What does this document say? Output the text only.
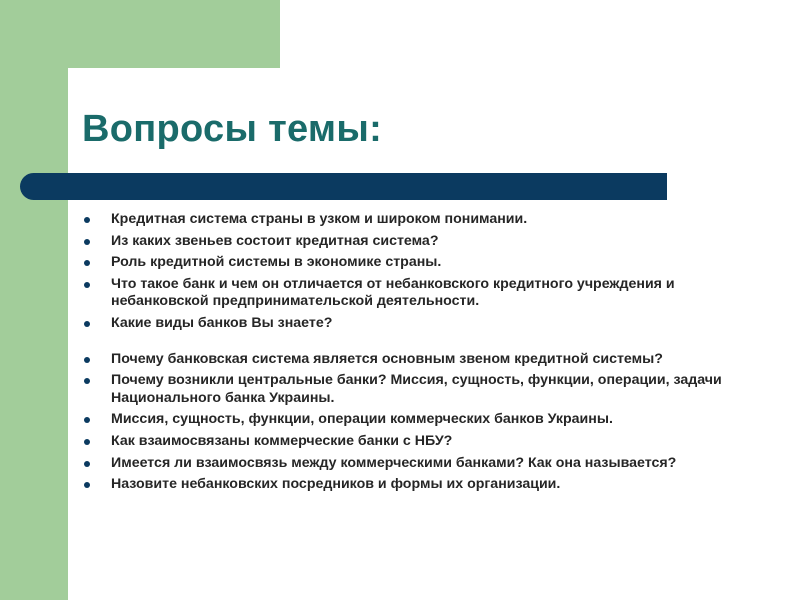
Вопросы темы:
Кредитная система страны в узком и широком понимании.
Из каких звеньев состоит кредитная система?
Роль кредитной системы в экономике страны.
Что такое банк и чем он отличается от небанковского кредитного учреждения и небанковской предпринимательской деятельности.
Какие виды банков Вы знаете?
Почему банковская система является основным звеном кредитной системы?
Почему возникли центральные банки? Миссия, сущность, функции, операции, задачи Национального банка Украины.
Миссия, сущность, функции, операции коммерческих банков Украины.
Как взаимосвязаны коммерческие банки с НБУ?
Имеется ли взаимосвязь между коммерческими банками? Как она называется?
Назовите небанковских посредников и формы их организации.
